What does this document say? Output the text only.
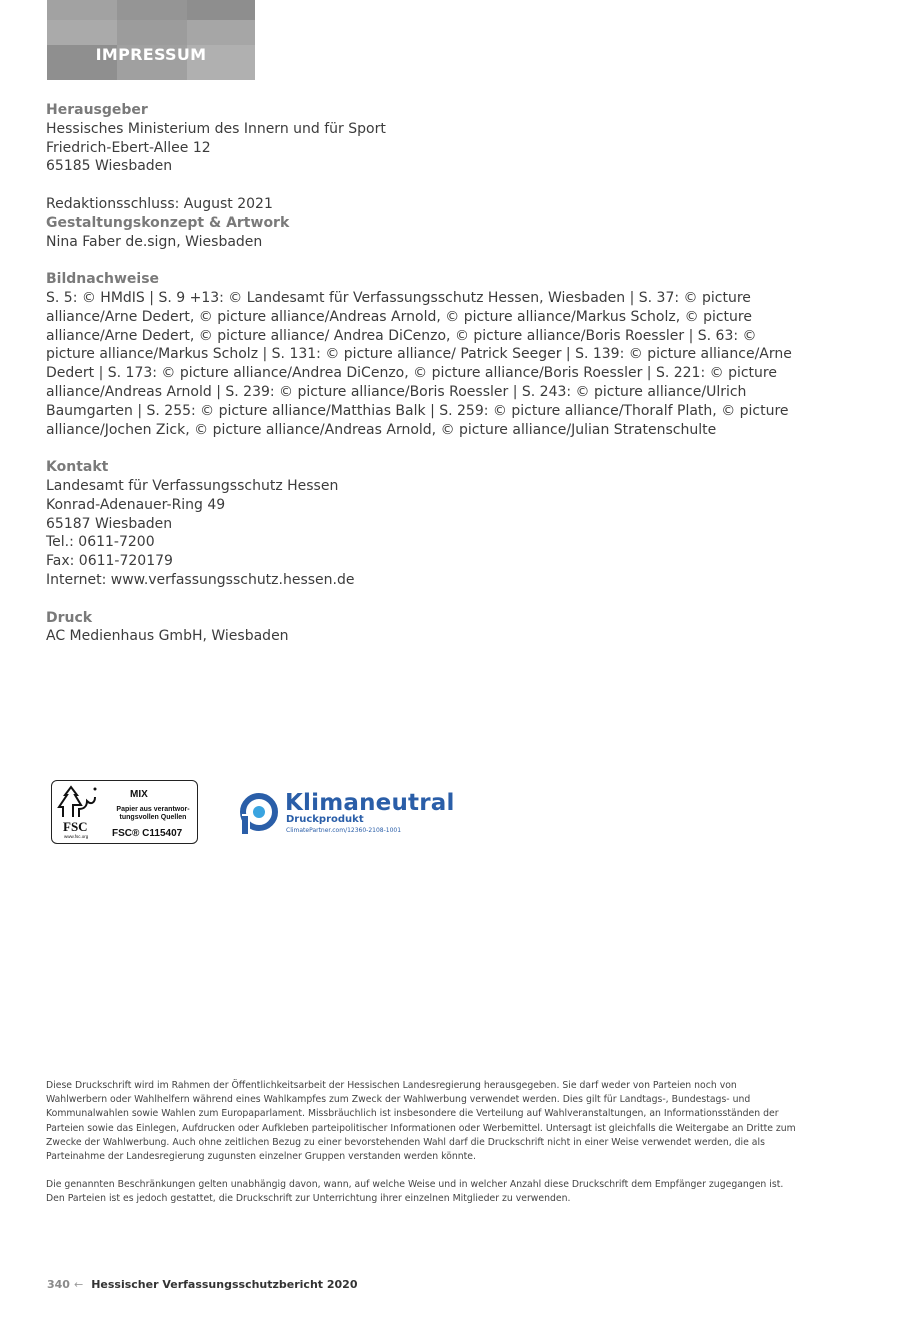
IMPRESSUM
Herausgeber
Hessisches Ministerium des Innern und für Sport
Friedrich-Ebert-Allee 12
65185 Wiesbaden
Redaktionsschluss: August 2021
Gestaltungskonzept & Artwork
Nina Faber de.sign, Wiesbaden
Bildnachweise
S. 5: © HMdIS | S. 9 +13: © Landesamt für Verfassungsschutz Hessen, Wiesbaden | S. 37: © picture alliance/Arne Dedert, © picture alliance/Andreas Arnold, © picture alliance/Markus Scholz, © picture alliance/Arne Dedert, © picture alliance/ Andrea DiCenzo, © picture alliance/Boris Roessler | S. 63: © picture alliance/Markus Scholz | S. 131: © picture alliance/ Patrick Seeger | S. 139: © picture alliance/Arne Dedert | S. 173: © picture alliance/Andrea DiCenzo, © picture alliance/Boris Roessler | S. 221: © picture alliance/Andreas Arnold | S. 239: © picture alliance/Boris Roessler | S. 243: © picture alliance/Ulrich Baumgarten | S. 255: © picture alliance/Matthias Balk | S. 259: © picture alliance/Thoralf Plath, © picture alliance/Jochen Zick, © picture alliance/Andreas Arnold, © picture alliance/Julian Stratenschulte
Kontakt
Landesamt für Verfassungsschutz Hessen
Konrad-Adenauer-Ring 49
65187 Wiesbaden
Tel.: 0611-7200
Fax: 0611-720179
Internet: www.verfassungsschutz.hessen.de
Druck
AC Medienhaus GmbH, Wiesbaden
FSC
www.fsc.org
MIX
Papier aus verantwor-
tungsvollen Quellen
FSC® C115407
Klimaneutral
Druckprodukt
ClimatePartner.com/12360-2108-1001

Diese Druckschrift wird im Rahmen der Öffentlichkeitsarbeit der Hessischen Landesregierung herausgegeben. Sie darf weder von Parteien noch von Wahlwerbern oder Wahlhelfern während eines Wahlkampfes zum Zweck der Wahlwerbung verwendet werden. Dies gilt für Landtags-, Bundestags- und Kommunalwahlen sowie Wahlen zum Europaparlament. Missbräuchlich ist insbesondere die Verteilung auf Wahlveranstaltungen, an Informationsständen der Parteien sowie das Einlegen, Aufdrucken oder Aufkleben parteipolitischer Informationen oder Werbemittel. Untersagt ist gleichfalls die Weitergabe an Dritte zum Zwecke der Wahlwerbung. Auch ohne zeitlichen Bezug zu einer bevorstehenden Wahl darf die Druckschrift nicht in einer Weise verwendet werden, die als Parteinahme der Landesregierung zugunsten einzelner Gruppen verstanden werden könnte.

Die genannten Beschränkungen gelten unabhängig davon, wann, auf welche Weise und in welcher Anzahl diese Druckschrift dem Empfänger zugegangen ist. Den Parteien ist es jedoch gestattet, die Druckschrift zur Unterrichtung ihrer einzelnen Mitglieder zu verwenden.

340 ← Hessischer Verfassungsschutzbericht 2020
